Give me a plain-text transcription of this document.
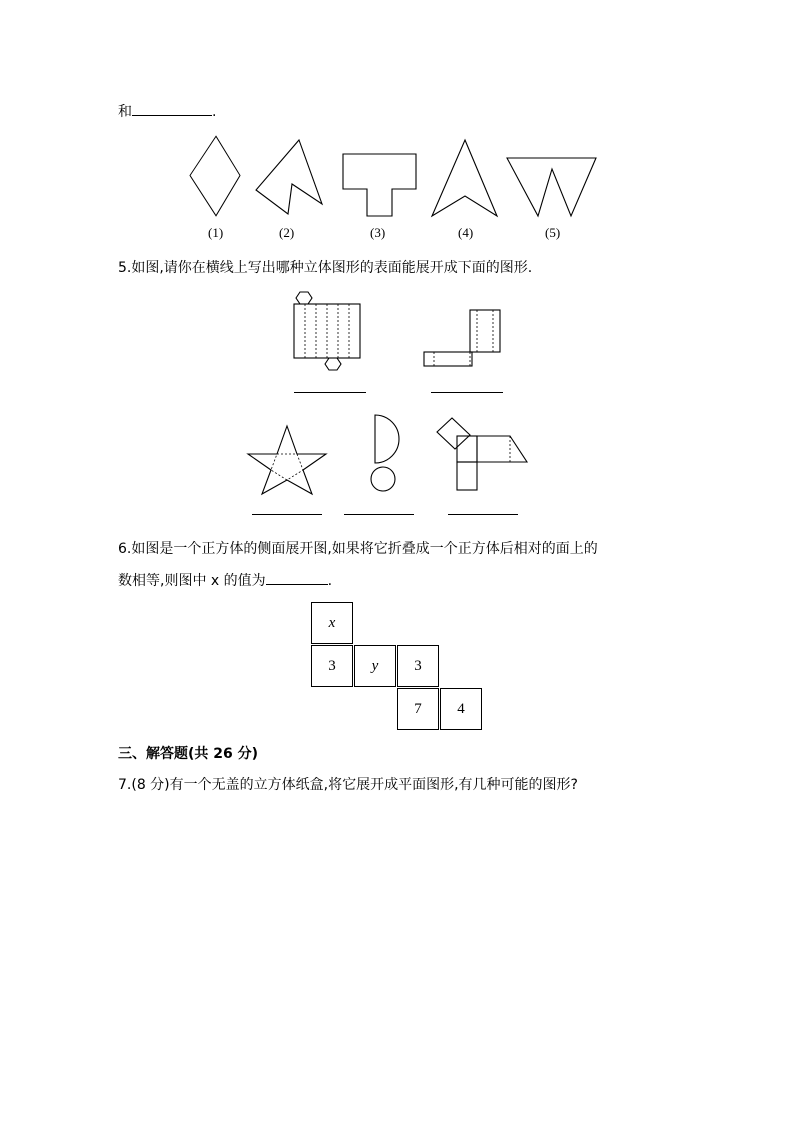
和	.
(1)	(2)	(3)	(4)	(5)
5.如图,请你在横线上写出哪种立体图形的表面能展开成下面的图形.
6.如图是一个正方体的侧面展开图,如果将它折叠成一个正方体后相对的面上的
数相等,则图中 x 的值为	.
x
3	y	3
7	4
三、解答题(共 26 分)
7.(8 分)有一个无盖的立方体纸盒,将它展开成平面图形,有几种可能的图形?
